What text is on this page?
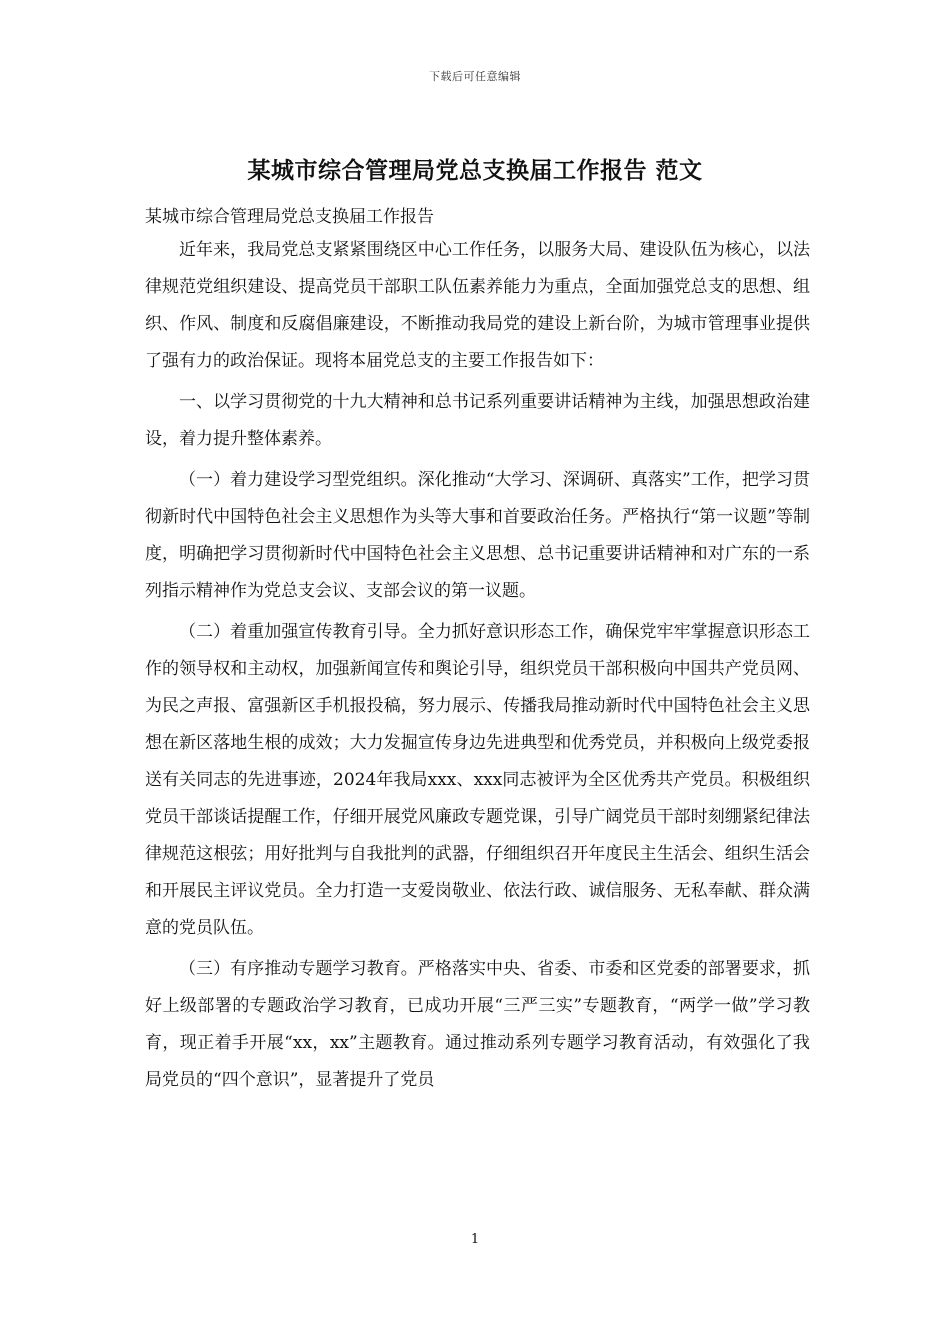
下载后可任意编辑
某城市综合管理局党总支换届工作报告 范文
某城市综合管理局党总支换届工作报告

近年来，我局党总支紧紧围绕区中心工作任务，以服务大局、建设队伍为核心，以法律规范党组织建设、提高党员干部职工队伍素养能力为重点，全面加强党总支的思想、组织、作风、制度和反腐倡廉建设，不断推动我局党的建设上新台阶，为城市管理事业提供了强有力的政治保证。现将本届党总支的主要工作报告如下：

一、以学习贯彻党的十九大精神和总书记系列重要讲话精神为主线，加强思想政治建设，着力提升整体素养。

（一）着力建设学习型党组织。深化推动“大学习、深调研、真落实”工作，把学习贯彻新时代中国特色社会主义思想作为头等大事和首要政治任务。严格执行“第一议题”等制度，明确把学习贯彻新时代中国特色社会主义思想、总书记重要讲话精神和对广东的一系列指示精神作为党总支会议、支部会议的第一议题。

（二）着重加强宣传教育引导。全力抓好意识形态工作，确保党牢牢掌握意识形态工作的领导权和主动权，加强新闻宣传和舆论引导，组织党员干部积极向中国共产党员网、为民之声报、富强新区手机报投稿，努力展示、传播我局推动新时代中国特色社会主义思想在新区落地生根的成效；大力发掘宣传身边先进典型和优秀党员，并积极向上级党委报送有关同志的先进事迹，2024年我局xxx、xxx同志被评为全区优秀共产党员。积极组织党员干部谈话提醒工作，仔细开展党风廉政专题党课，引导广阔党员干部时刻绷紧纪律法律规范这根弦；用好批判与自我批判的武器，仔细组织召开年度民主生活会、组织生活会和开展民主评议党员。全力打造一支爱岗敬业、依法行政、诚信服务、无私奉献、群众满意的党员队伍。

（三）有序推动专题学习教育。严格落实中央、省委、市委和区党委的部署要求，抓好上级部署的专题政治学习教育，已成功开展“三严三实”专题教育，“两学一做”学习教育，现正着手开展“xx，xx”主题教育。通过推动系列专题学习教育活动，有效强化了我局党员的“四个意识”，显著提升了党员

1
